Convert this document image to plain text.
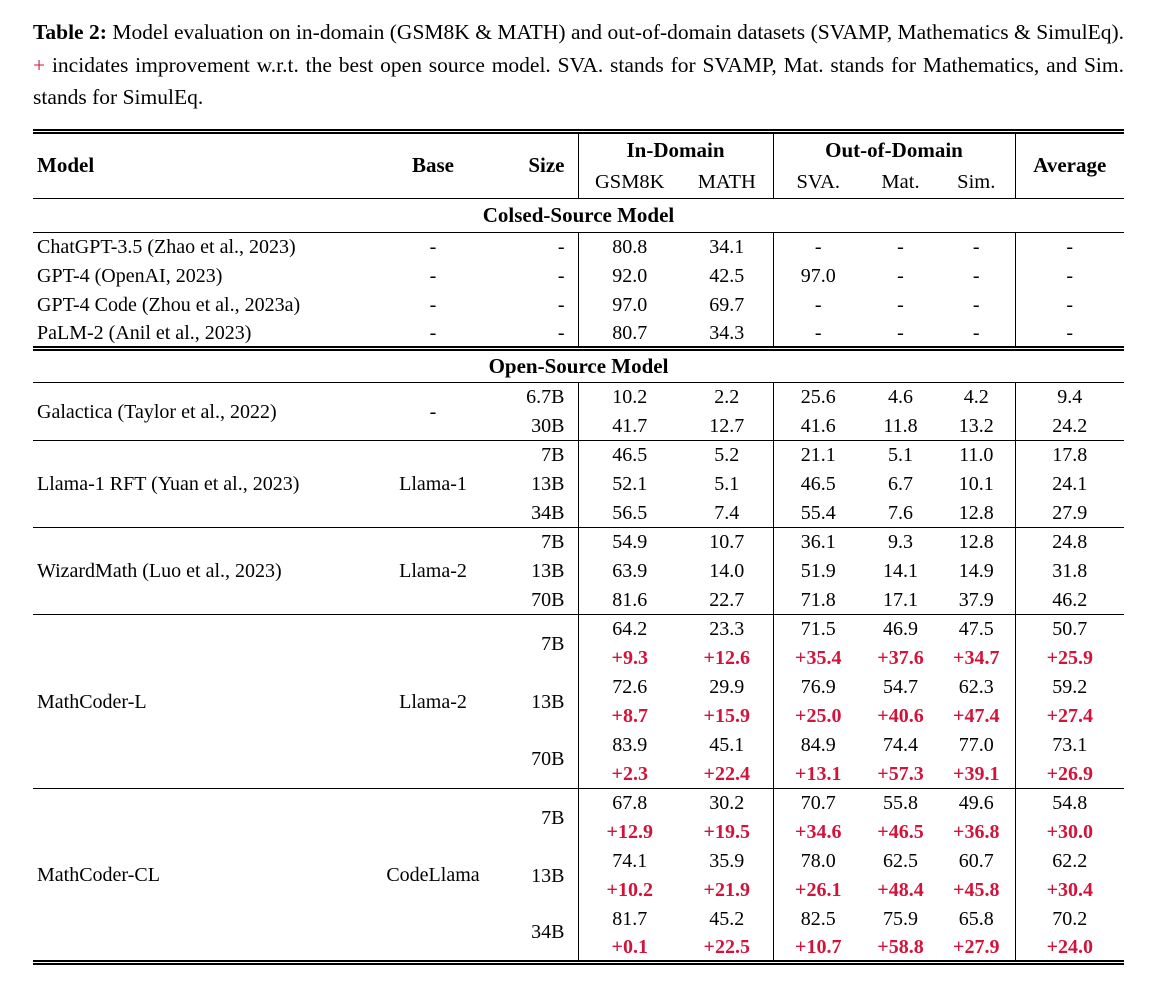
Table 2: Model evaluation on in-domain (GSM8K & MATH) and out-of-domain datasets (SVAMP, Mathematics & SimulEq). + incidates improvement w.r.t. the best open source model. SVA. stands for SVAMP, Mat. stands for Mathematics, and Sim. stands for SimulEq.

Model	Base	Size	In-Domain		Out-of-Domain			Average
			GSM8K	MATH	SVA.	Mat.	Sim.	
Colsed-Source Model								
ChatGPT-3.5 (Zhao et al., 2023)	-	-	80.8	34.1	-	-	-	-
GPT-4 (OpenAI, 2023)	-	-	92.0	42.5	97.0	-	-	-
GPT-4 Code (Zhou et al., 2023a)	-	-	97.0	69.7	-	-	-	-
PaLM-2 (Anil et al., 2023)	-	-	80.7	34.3	-	-	-	-
Open-Source Model								
Galactica (Taylor et al., 2022)	-	6.7B	10.2	2.2	25.6	4.6	4.2	9.4
		30B	41.7	12.7	41.6	11.8	13.2	24.2
Llama-1 RFT (Yuan et al., 2023)	Llama-1	7B	46.5	5.2	21.1	5.1	11.0	17.8
		13B	52.1	5.1	46.5	6.7	10.1	24.1
		34B	56.5	7.4	55.4	7.6	12.8	27.9
WizardMath (Luo et al., 2023)	Llama-2	7B	54.9	10.7	36.1	9.3	12.8	24.8
		13B	63.9	14.0	51.9	14.1	14.9	31.8
		70B	81.6	22.7	71.8	17.1	37.9	46.2
MathCoder-L	Llama-2	7B	64.2	23.3	71.5	46.9	47.5	50.7
			+9.3	+12.6	+35.4	+37.6	+34.7	+25.9
		13B	72.6	29.9	76.9	54.7	62.3	59.2
			+8.7	+15.9	+25.0	+40.6	+47.4	+27.4
		70B	83.9	45.1	84.9	74.4	77.0	73.1
			+2.3	+22.4	+13.1	+57.3	+39.1	+26.9
MathCoder-CL	CodeLlama	7B	67.8	30.2	70.7	55.8	49.6	54.8
			+12.9	+19.5	+34.6	+46.5	+36.8	+30.0
		13B	74.1	35.9	78.0	62.5	60.7	62.2
			+10.2	+21.9	+26.1	+48.4	+45.8	+30.4
		34B	81.7	45.2	82.5	75.9	65.8	70.2
			+0.1	+22.5	+10.7	+58.8	+27.9	+24.0
